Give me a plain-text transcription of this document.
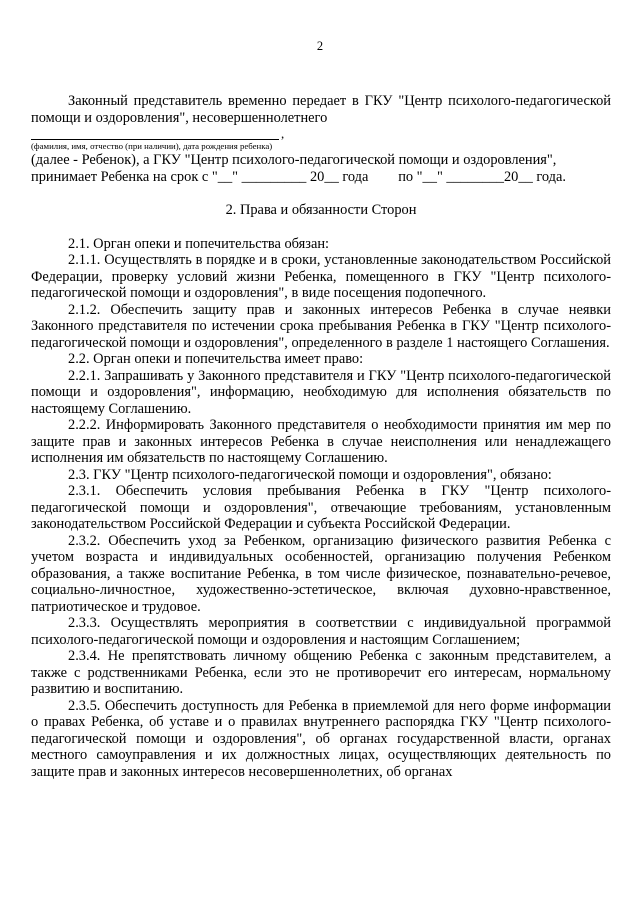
2

Законный представитель временно передает в ГКУ "Центр психолого-педагогической помощи и оздоровления", несовершеннолетнего

,
(фамилия, имя, отчество (при наличии), дата рождения ребенка)

(далее - Ребенок), а ГКУ "Центр психолого-педагогической помощи и оздоровления",

принимает Ребенка на срок с "__" _________ 20__ года по "__" ________20__ года.

2. Права и обязанности Сторон

2.1. Орган опеки и попечительства обязан:

2.1.1. Осуществлять в порядке и в сроки, установленные законодательством Российской Федерации, проверку условий жизни Ребенка, помещенного в ГКУ "Центр психолого-педагогической помощи и оздоровления", в виде посещения подопечного.

2.1.2. Обеспечить защиту прав и законных интересов Ребенка в случае неявки Законного представителя по истечении срока пребывания Ребенка в ГКУ "Центр психолого-педагогической помощи и оздоровления", определенного в разделе 1 настоящего Соглашения.

2.2. Орган опеки и попечительства имеет право:

2.2.1. Запрашивать у Законного представителя и ГКУ "Центр психолого-педагогической помощи и оздоровления", информацию, необходимую для исполнения обязательств по настоящему Соглашению.

2.2.2. Информировать Законного представителя о необходимости принятия им мер по защите прав и законных интересов Ребенка в случае неисполнения или ненадлежащего исполнения им обязательств по настоящему Соглашению.

2.3. ГКУ "Центр психолого-педагогической помощи и оздоровления", обязано:

2.3.1. Обеспечить условия пребывания Ребенка в ГКУ "Центр психолого-педагогической помощи и оздоровления", отвечающие требованиям, установленным законодательством Российской Федерации и субъекта Российской Федерации.

2.3.2. Обеспечить уход за Ребенком, организацию физического развития Ребенка с учетом возраста и индивидуальных особенностей, организацию получения Ребенком образования, а также воспитание Ребенка, в том числе физическое, познавательно-речевое, социально-личностное, художественно-эстетическое, включая духовно-нравственное, патриотическое и трудовое.

2.3.3. Осуществлять мероприятия в соответствии с индивидуальной программой психолого-педагогической помощи и оздоровления и настоящим Соглашением;

2.3.4. Не препятствовать личному общению Ребенка с законным представителем, а также с родственниками Ребенка, если это не противоречит его интересам, нормальному развитию и воспитанию.

2.3.5. Обеспечить доступность для Ребенка в приемлемой для него форме информации о правах Ребенка, об уставе и о правилах внутреннего распорядка ГКУ "Центр психолого-педагогической помощи и оздоровления", об органах государственной власти, органах местного самоуправления и их должностных лицах, осуществляющих деятельность по защите прав и законных интересов несовершеннолетних, об органах
